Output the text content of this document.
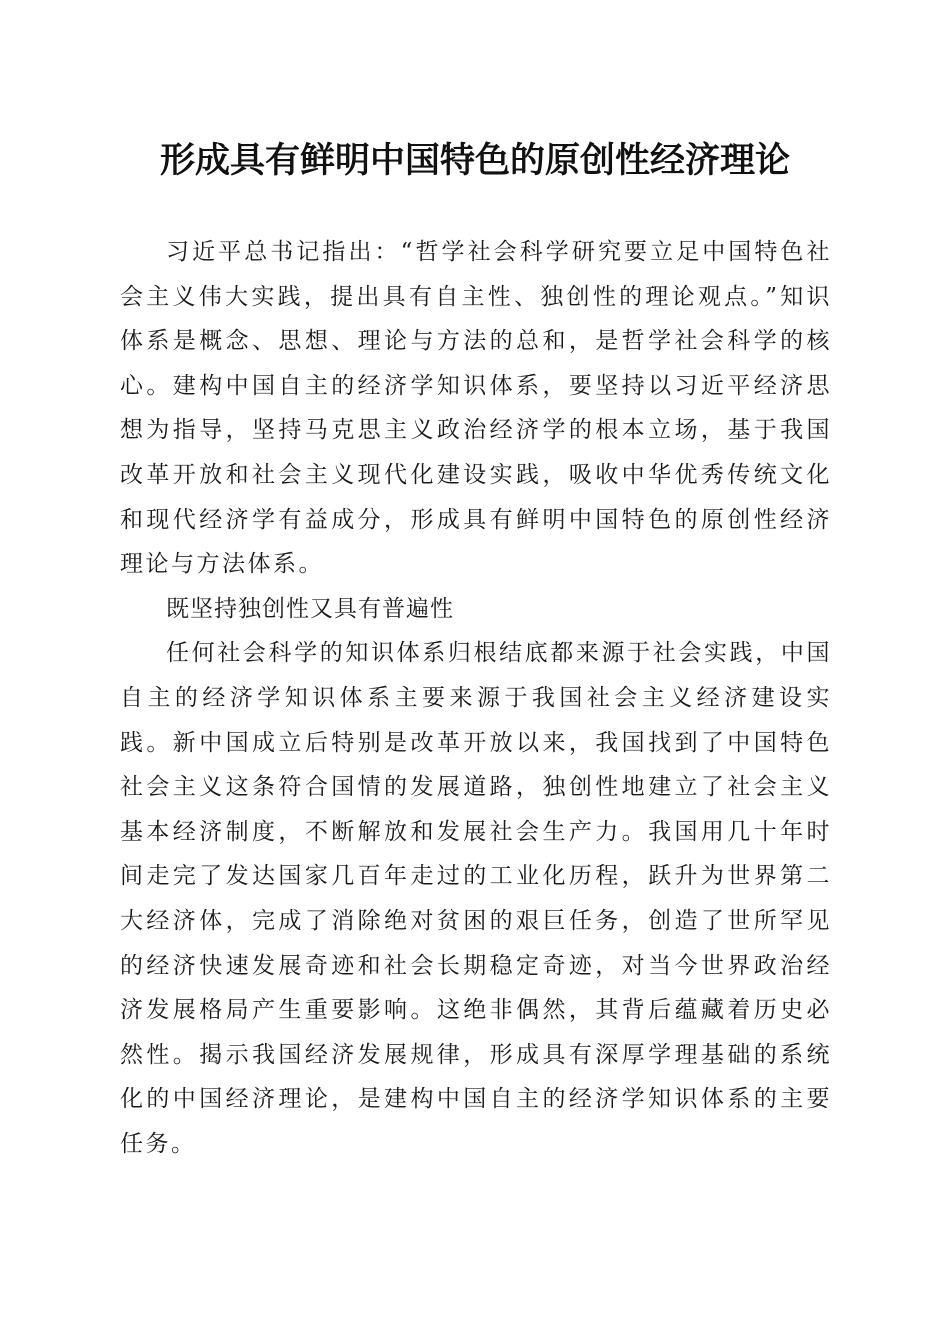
形成具有鲜明中国特色的原创性经济理论

习近平总书记指出：“哲学社会科学研究要立足中国特色社会主义伟大实践，提出具有自主性、独创性的理论观点。”知识体系是概念、思想、理论与方法的总和，是哲学社会科学的核心。建构中国自主的经济学知识体系，要坚持以习近平经济思想为指导，坚持马克思主义政治经济学的根本立场，基于我国改革开放和社会主义现代化建设实践，吸收中华优秀传统文化和现代经济学有益成分，形成具有鲜明中国特色的原创性经济理论与方法体系。

既坚持独创性又具有普遍性

任何社会科学的知识体系归根结底都来源于社会实践，中国自主的经济学知识体系主要来源于我国社会主义经济建设实践。新中国成立后特别是改革开放以来，我国找到了中国特色社会主义这条符合国情的发展道路，独创性地建立了社会主义基本经济制度，不断解放和发展社会生产力。我国用几十年时间走完了发达国家几百年走过的工业化历程，跃升为世界第二大经济体，完成了消除绝对贫困的艰巨任务，创造了世所罕见的经济快速发展奇迹和社会长期稳定奇迹，对当今世界政治经济发展格局产生重要影响。这绝非偶然，其背后蕴藏着历史必然性。揭示我国经济发展规律，形成具有深厚学理基础的系统化的中国经济理论，是建构中国自主的经济学知识体系的主要任务。
